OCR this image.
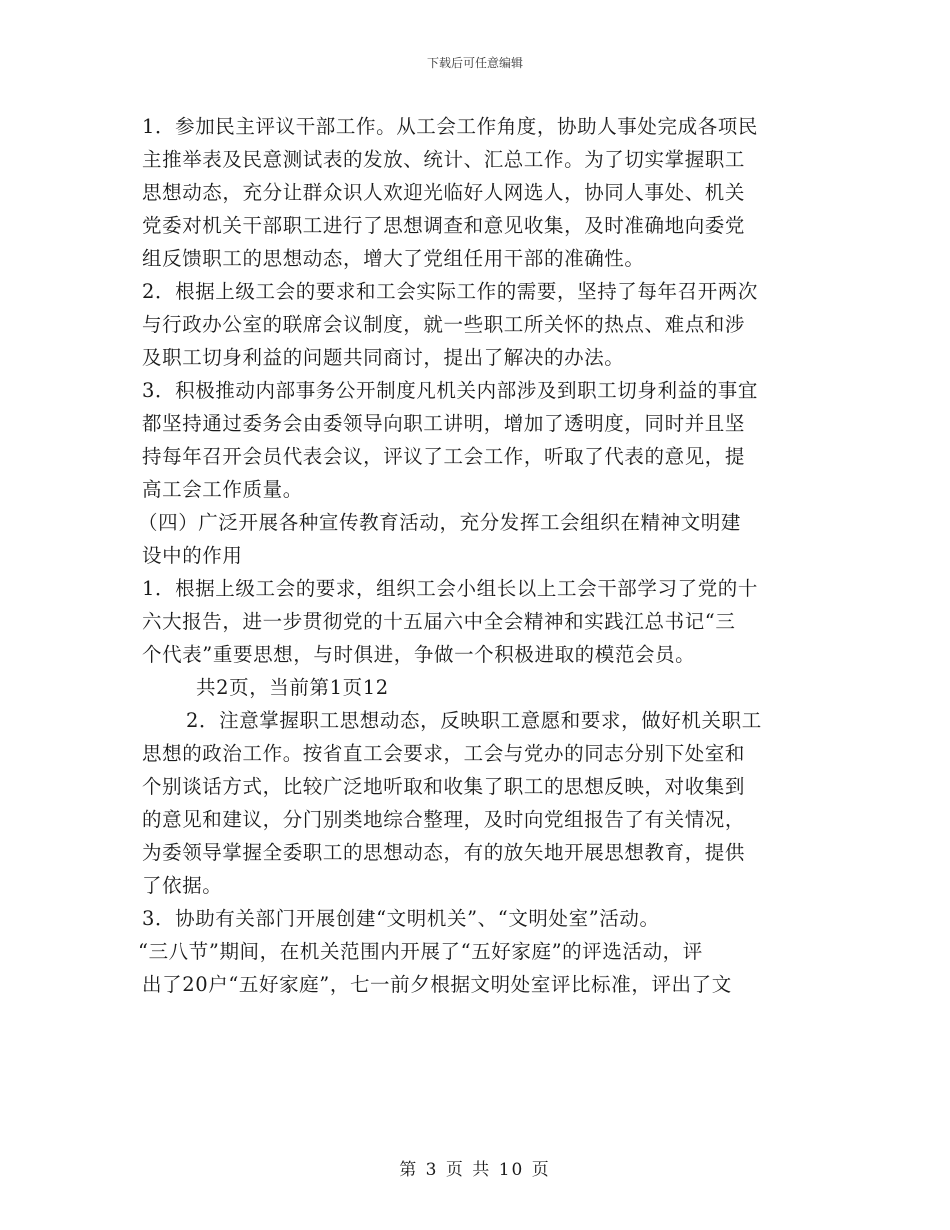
下载后可任意编辑
1．参加民主评议干部工作。从工会工作角度，协助人事处完成各项民
主推举表及民意测试表的发放、统计、汇总工作。为了切实掌握职工
思想动态，充分让群众识人欢迎光临好人网选人，协同人事处、机关
党委对机关干部职工进行了思想调查和意见收集，及时准确地向委党
组反馈职工的思想动态，增大了党组任用干部的准确性。
2．根据上级工会的要求和工会实际工作的需要，坚持了每年召开两次
与行政办公室的联席会议制度，就一些职工所关怀的热点、难点和涉
及职工切身利益的问题共同商讨，提出了解决的办法。
3．积极推动内部事务公开制度凡机关内部涉及到职工切身利益的事宜
都坚持通过委务会由委领导向职工讲明，增加了透明度，同时并且坚
持每年召开会员代表会议，评议了工会工作，听取了代表的意见，提
高工会工作质量。
（四）广泛开展各种宣传教育活动，充分发挥工会组织在精神文明建
设中的作用
1．根据上级工会的要求，组织工会小组长以上工会干部学习了党的十
六大报告，进一步贯彻党的十五届六中全会精神和实践江总书记“三
个代表”重要思想，与时俱进，争做一个积极进取的模范会员。
共2页，当前第1页12
2．注意掌握职工思想动态，反映职工意愿和要求，做好机关职工
思想的政治工作。按省直工会要求，工会与党办的同志分别下处室和
个别谈话方式，比较广泛地听取和收集了职工的思想反映，对收集到
的意见和建议，分门别类地综合整理，及时向党组报告了有关情况，
为委领导掌握全委职工的思想动态，有的放矢地开展思想教育，提供
了依据。
3．协助有关部门开展创建“文明机关”、“文明处室”活动。
“三八节”期间，在机关范围内开展了“五好家庭”的评选活动，评
出了20户“五好家庭”，七一前夕根据文明处室评比标准，评出了文
第 3 页 共 10 页
